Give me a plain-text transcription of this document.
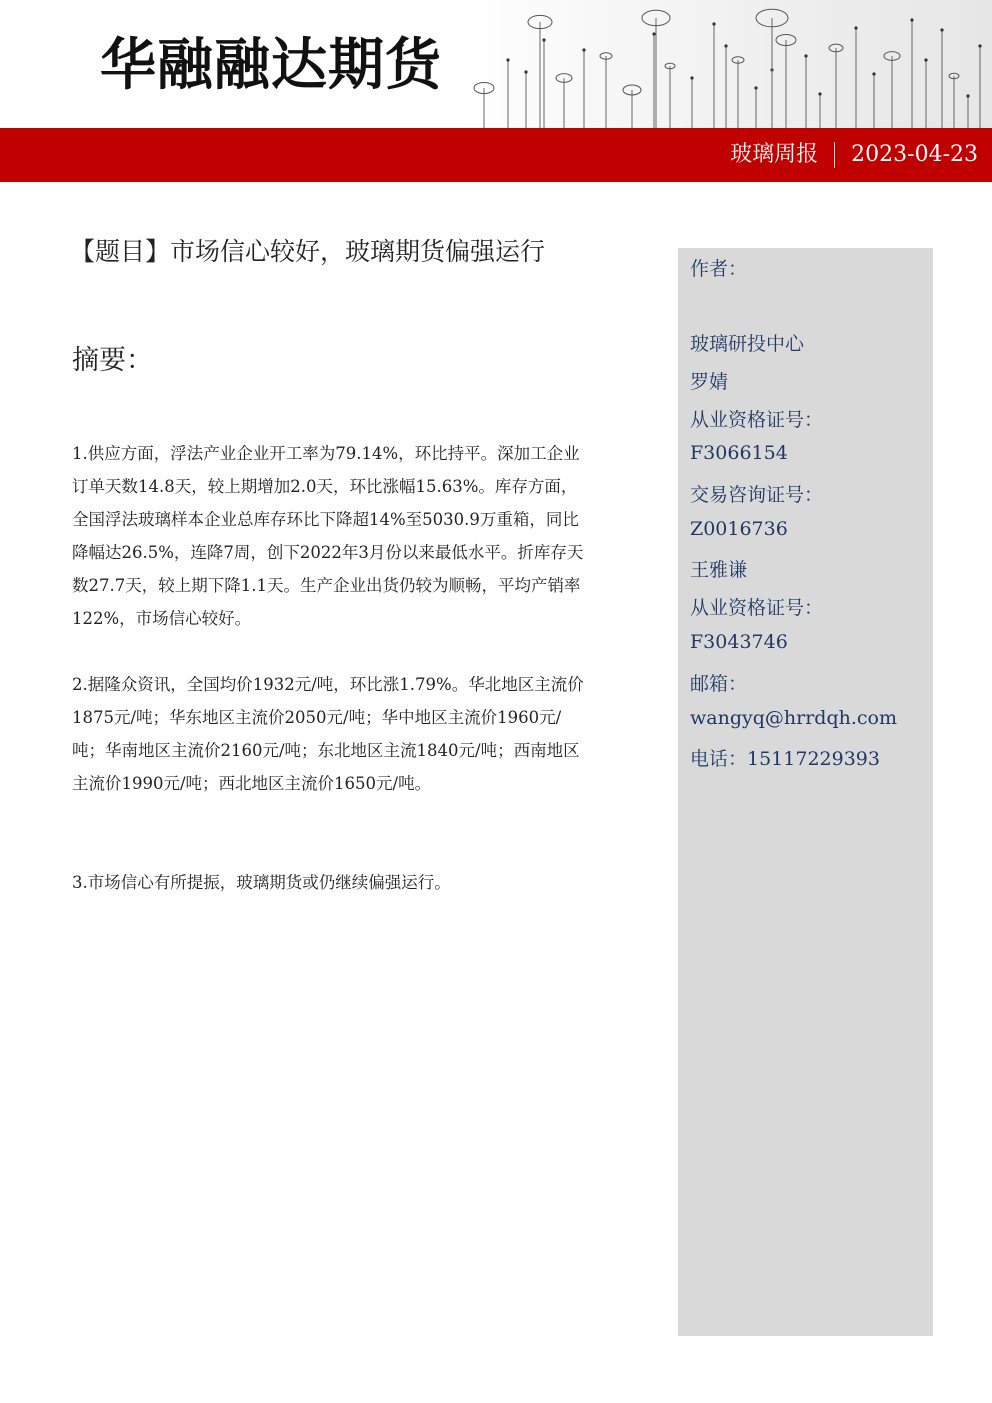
华融融达期货
玻璃周报 2023-04-23
【题目】市场信心较好，玻璃期货偏强运行
摘要：
1.供应方面，浮法产业企业开工率为79.14%，环比持平。深加工企业订单天数14.8天，较上期增加2.0天，环比涨幅15.63%。库存方面，全国浮法玻璃样本企业总库存环比下降超14%至5030.9万重箱，同比降幅达26.5%，连降7周，创下2022年3月份以来最低水平。折库存天数27.7天，较上期下降1.1天。生产企业出货仍较为顺畅，平均产销率122%，市场信心较好。
2.据隆众资讯，全国均价1932元/吨，环比涨1.79%。华北地区主流价1875元/吨；华东地区主流价2050元/吨；华中地区主流价1960元/吨；华南地区主流价2160元/吨；东北地区主流1840元/吨；西南地区主流价1990元/吨；西北地区主流价1650元/吨。
3.市场信心有所提振，玻璃期货或仍继续偏强运行。
作者：
玻璃研投中心
罗婧
从业资格证号：
F3066154
交易咨询证号：
Z0016736
王雅谦
从业资格证号：
F3043746
邮箱：
wangyq@hrrdqh.com
电话：15117229393
